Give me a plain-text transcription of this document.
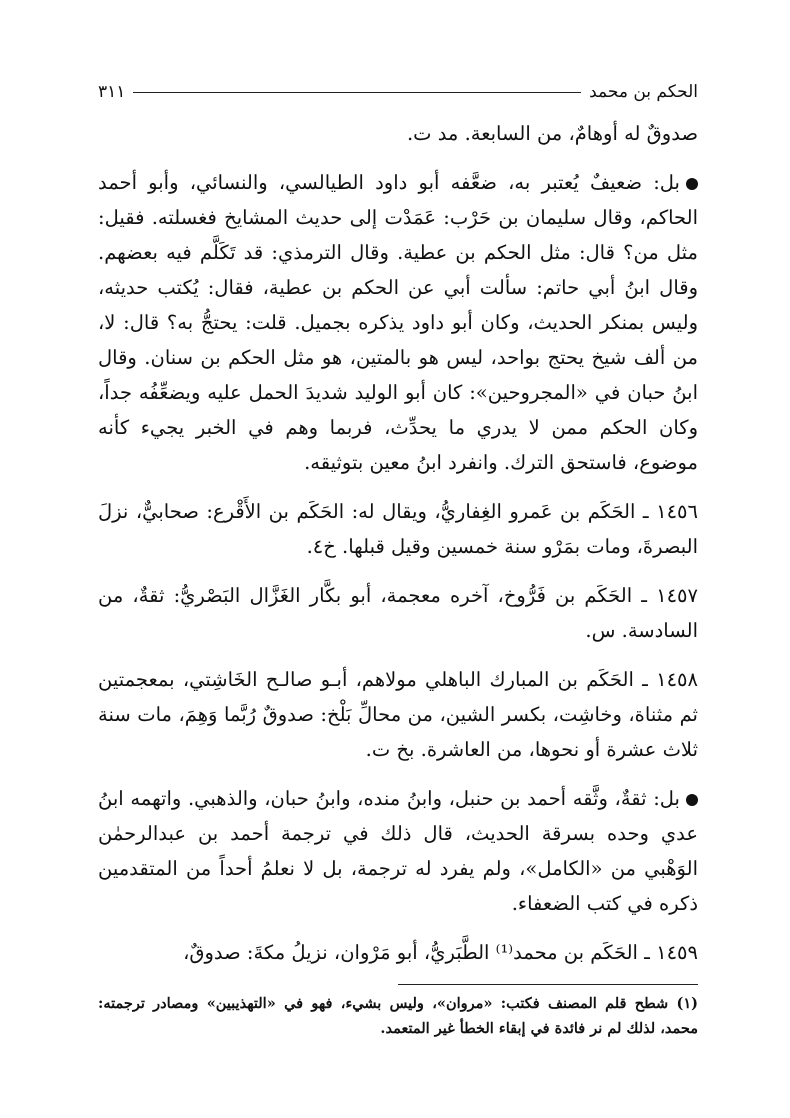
الحكم بن محمد
٣١١

صدوقٌ له أوهامٌ، من السابعة. مد ت.

بل: ضعيفٌ يُعتبر به، ضعَّفه أبو داود الطيالسي، والنسائي، وأبو أحمد الحاكم، وقال سليمان بن حَرْب: عَمَدْت إلى حديث المشايخ فغسلته. فقيل: مثل من؟ قال: مثل الحكم بن عطية. وقال الترمذي: قد تَكَلَّم فيه بعضهم. وقال ابنُ أبي حاتم: سألت أبي عن الحكم بن عطية، فقال: يُكتب حديثه، وليس بمنكر الحديث، وكان أبو داود يذكره بجميل. قلت: يحتجُّ به؟ قال: لا، من ألف شيخ يحتج بواحد، ليس هو بالمتين، هو مثل الحكم بن سنان. وقال ابنُ حبان في «المجروحين»: كان أبو الوليد شديدَ الحمل عليه ويضعِّفُه جداً، وكان الحكم ممن لا يدري ما يحدِّث، فربما وهم في الخبر يجيء كأنه موضوع، فاستحق الترك. وانفرد ابنُ معين بتوثيقه.

١٤٥٦ ـ الحَكَم بن عَمرو الغِفاريُّ، ويقال له: الحَكَم بن الأَقْرع: صحابيٌّ، نزلَ البصرةَ، ومات بمَرْو سنة خمسين وقيل قبلها. خ٤.

١٤٥٧ ـ الحَكَم بن فَرُّوخ، آخره معجمة، أبو بكَّار الغَزَّال البَصْريُّ: ثقةٌ، من السادسة. س.

١٤٥٨ ـ الحَكَم بن المبارك الباهلي مولاهم، أبـو صالـح الخَاشِتي، بمعجمتين ثم مثناة، وخاشِت، بكسر الشين، من محالِّ بَلْخ: صدوقٌ رُبَّما وَهِمَ، مات سنة ثلاث عشرة أو نحوها، من العاشرة. بخ ت.

بل: ثقةٌ، وثَّقه أحمد بن حنبل، وابنُ منده، وابنُ حبان، والذهبي. واتهمه ابنُ عدي وحده بسرقة الحديث، قال ذلك في ترجمة أحمد بن عبدالرحمٰن الوَهْبي من «الكامل»، ولم يفرد له ترجمة، بل لا نعلمُ أحداً من المتقدمين ذكره في كتب الضعفاء.

١٤٥٩ ـ الحَكَم بن محمد⁽¹⁾ الطَّبَريُّ، أبو مَرْوان، نزيلُ مكةَ: صدوقٌ،

(١) شطح قلم المصنف فكتب: «مروان»، وليس بشيء، فهو في «التهذيبين» ومصادر ترجمته: محمد، لذلك لم نر فائدة في إبقاء الخطأ غير المتعمد.
